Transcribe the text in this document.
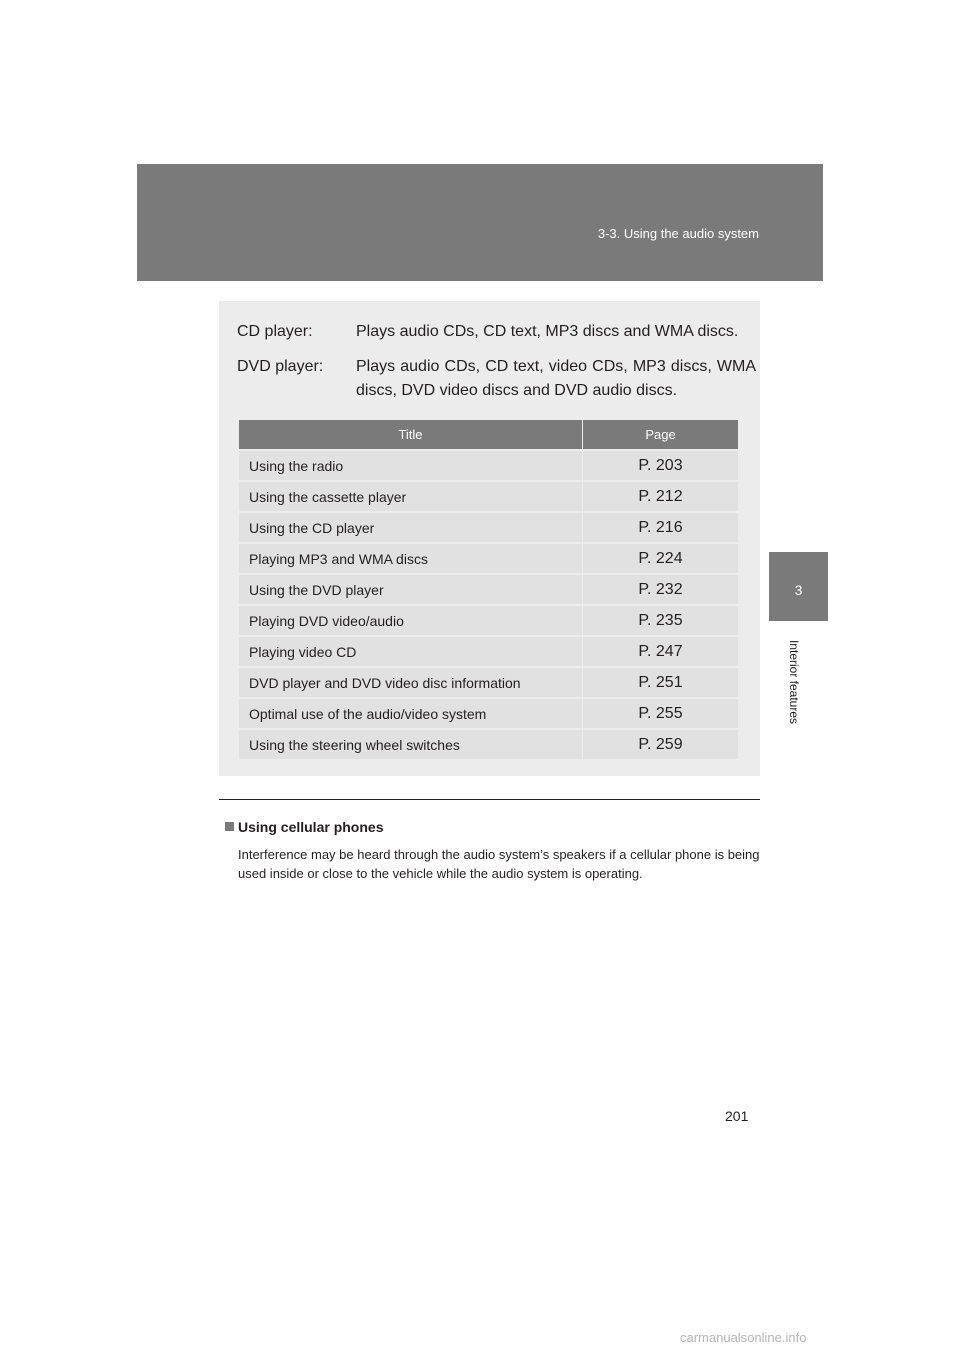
3-3. Using the audio system
3
Interior features
CD player:	Plays audio CDs, CD text, MP3 discs and WMA discs.
DVD player: Plays audio CDs, CD text, video CDs, MP3 discs, WMA discs, DVD video discs and DVD audio discs.
Title	Page
Using the radio	P. 203
Using the cassette player	P. 212
Using the CD player	P. 216
Playing MP3 and WMA discs	P. 224
Using the DVD player	P. 232
Playing DVD video/audio	P. 235
Playing video CD	P. 247
DVD player and DVD video disc information	P. 251
Optimal use of the audio/video system	P. 255
Using the steering wheel switches	P. 259
Using cellular phones
Interference may be heard through the audio system’s speakers if a cellular phone is being used inside or close to the vehicle while the audio system is operating.
201
carmanualsonline.info
